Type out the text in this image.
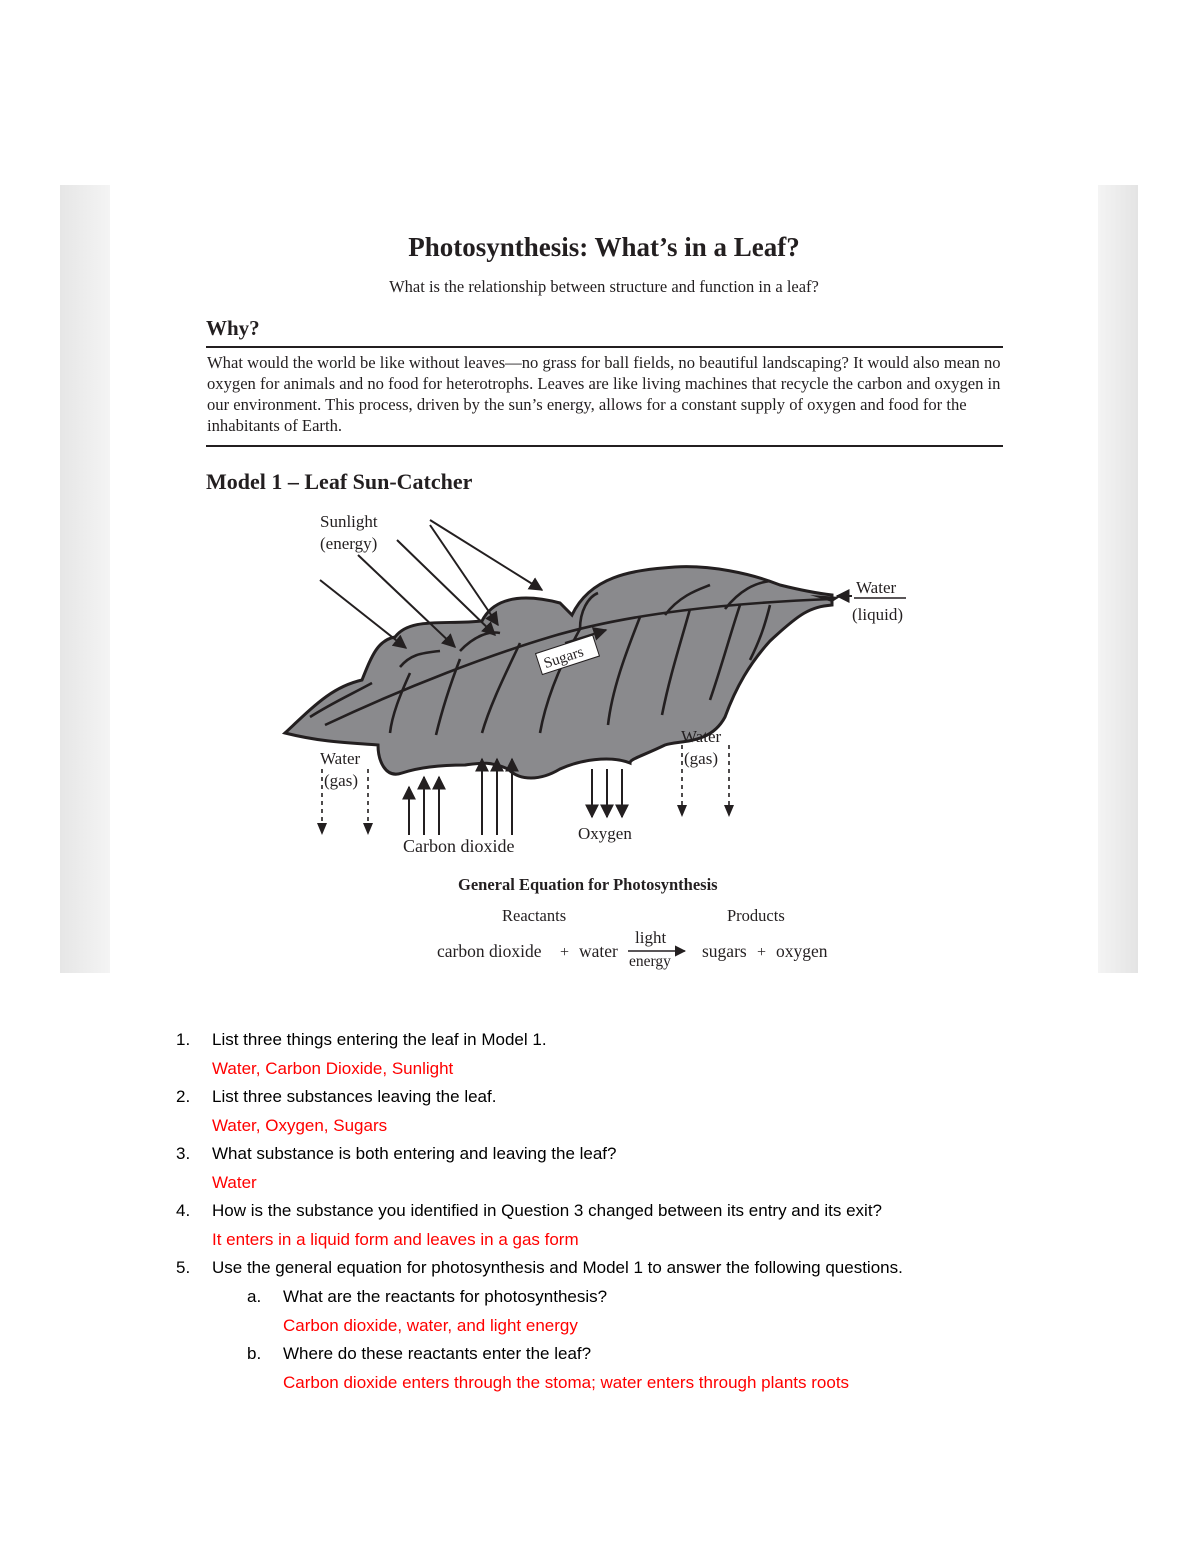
Photosynthesis: What’s in a Leaf?
What is the relationship between structure and function in a leaf?
Why?
What would the world be like without leaves—no grass for ball fields, no beautiful landscaping? It would also mean no oxygen for animals and no food for heterotrophs. Leaves are like living machines that recycle the carbon and oxygen in our environment. This process, driven by the sun’s energy, allows for a constant supply of oxygen and food for the inhabitants of Earth.
Model 1 – Leaf Sun-Catcher
Sunlight
(energy)
Water
(liquid)
Sugars
Water
(gas)
Carbon dioxide
Oxygen
Water
(gas)
General Equation for Photosynthesis
Reactants	Products
carbon dioxide + water
light
energy
sugars + oxygen
1. List three things entering the leaf in Model 1.
Water, Carbon Dioxide, Sunlight
2. List three substances leaving the leaf.
Water, Oxygen, Sugars
3. What substance is both entering and leaving the leaf?
Water
4. How is the substance you identified in Question 3 changed between its entry and its exit?
It enters in a liquid form and leaves in a gas form
5. Use the general equation for photosynthesis and Model 1 to answer the following questions.
a. What are the reactants for photosynthesis?
Carbon dioxide, water, and light energy
b. Where do these reactants enter the leaf?
Carbon dioxide enters through the stoma; water enters through plants roots
